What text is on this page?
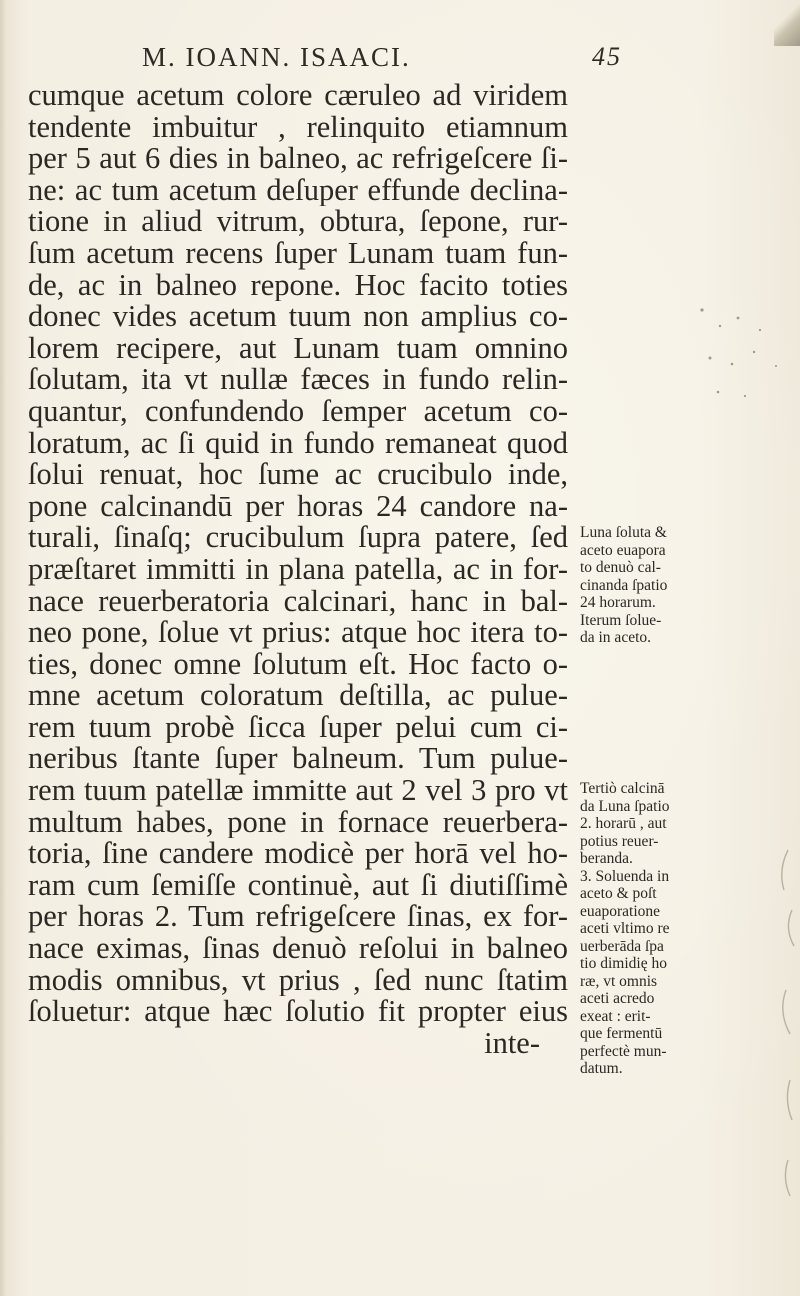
M. IOANN. ISAACI.	45
cumque acetum colore cæruleo ad viridem
tendente imbuitur , relinquito etiamnum
per 5 aut 6 dies in balneo, ac refrigeſcere ſi-
ne: ac tum acetum deſuper effunde declina-
tione in aliud vitrum, obtura, ſepone, rur-
ſum acetum recens ſuper Lunam tuam fun-
de, ac in balneo repone. Hoc facito toties
donec vides acetum tuum non amplius co-
lorem recipere, aut Lunam tuam omnino
ſolutam, ita vt nullæ fæces in fundo relin-
quantur, confundendo ſemper acetum co-
loratum, ac ſi quid in fundo remaneat quod
ſolui renuat, hoc ſume ac crucibulo inde,
pone calcinandū per horas 24 candore na-
turali, ſinaſq; crucibulum ſupra patere, ſed
præſtaret immitti in plana patella, ac in for-
nace reuerberatoria calcinari, hanc in bal-
neo pone, ſolue vt prius: atque hoc itera to-
ties, donec omne ſolutum eſt. Hoc facto o-
mne acetum coloratum deſtilla, ac pulue-
rem tuum probè ſicca ſuper pelui cum ci-
neribus ſtante ſuper balneum. Tum pulue-
rem tuum patellæ immitte aut 2 vel 3 pro vt
multum habes, pone in fornace reuerbera-
toria, ſine candere modicè per horā vel ho-
ram cum ſemiſſe continuè, aut ſi diutiſſimè
per horas 2. Tum refrigeſcere ſinas, ex for-
nace eximas, ſinas denuò reſolui in balneo
modis omnibus, vt prius , ſed nunc ſtatim
ſoluetur: atque hæc ſolutio fit propter eius
inte-
Luna ſoluta &
aceto euapora
to denuò cal-
cinanda ſpatio
24 horarum.
Iterum ſolue-
da in aceto.
Tertiò calcinā
da Luna ſpatio
2. horarū , aut
potius reuer-
beranda.
3. Soluenda in
aceto & poſt
euaporatione
aceti vltimo re
uerberāda ſpa
tio dimidię ho
ræ, vt omnis
aceti acredo
exeat : erit-
que fermentū
perfectè mun-
datum.
